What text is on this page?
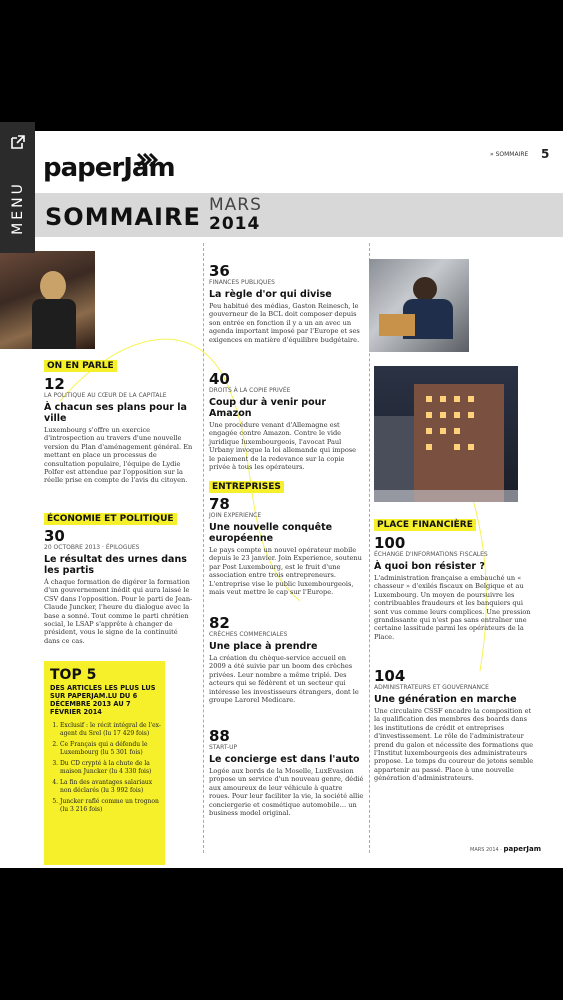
MENU
paperJam	» SOMMAIRE 5
SOMMAIRE MARS
2014
ON EN PARLE
ÉCONOMIE ET POLITIQUE
ENTREPRISES
PLACE FINANCIÈRE
12
LA POLITIQUE AU CŒUR DE LA CAPITALE
À chacun ses plans pour la ville
Luxembourg s'offre un exercice d'introspection au travers d'une nouvelle version du Plan d'aménagement général. En mettant en place un processus de consultation populaire, l'équipe de Lydie Polfer est attendue par l'opposition sur la réelle prise en compte de l'avis du citoyen.
30
20 OCTOBRE 2013 · ÉPILOGUES
Le résultat des urnes dans les partis
À chaque formation de digérer la formation d'un gouvernement inédit qui aura laissé le CSV dans l'opposition. Pour le parti de Jean-Claude Juncker, l'heure du dialogue avec la base a sonné. Tout comme le parti chrétien social, le LSAP s'apprête à changer de président, vous le signe de la continuité dans ce cas.
TOP 5
DES ARTICLES LES PLUS LUS SUR PAPERJAM.LU DU 6 DÉCEMBRE 2013 AU 7 FÉVRIER 2014
1. Exclusif : le récit intégral de l'ex-agent du Srel (lu 17 429 fois)
2. Ce Français qui a défendu le Luxembourg (lu 5 301 fois)
3. Du CD crypté à la chute de la maison Juncker (lu 4 330 fois)
4. La fin des avantages salariaux non déclarés (lu 3 992 fois)
5. Juncker raflé comme un trognon (lu 3 216 fois)
36
FINANCES PUBLIQUES
La règle d'or qui divise
Peu habitué des médias, Gaston Reinesch, le gouverneur de la BCL doit composer depuis son entrée en fonction il y a un an avec un agenda important imposé par l'Europe et ses exigences en matière d'équilibre budgétaire.
40
DROITS À LA COPIE PRIVÉE
Coup dur à venir pour Amazon
Une procédure venant d'Allemagne est engagée contre Amazon. Contre le vide juridique luxembourgeois, l'avocat Paul Urbany invoque la loi allemande qui impose le paiement de la redevance sur la copie privée à tous les opérateurs.
78
JOIN EXPERIENCE
Une nouvelle conquête européenne
Le pays compte un nouvel opérateur mobile depuis le 23 janvier. Join Experience, soutenu par Post Luxembourg, est le fruit d'une association entre trois entrepreneurs. L'entreprise vise le public luxembourgeois, mais veut mettre le cap sur l'Europe.
82
CRÈCHES COMMERCIALES
Une place à prendre
La création du chèque-service accueil en 2009 a été suivie par un boom des crèches privées. Leur nombre a même triplé. Des acteurs qui se fédèrent et un secteur qui intéresse les investisseurs étrangers, dont le groupe Larorel Medicare.
88
START-UP
Le concierge est dans l'auto
Logée aux bords de la Moselle, LuxEvasion propose un service d'un nouveau genre, dédié aux amoureux de leur véhicule à quatre roues. Pour leur faciliter la vie, la société allie conciergerie et cosmétique automobile… un business model original.
100
ÉCHANGE D'INFORMATIONS FISCALES
À quoi bon résister ?
L'administration française a embauché un « chasseur » d'exilés fiscaux en Belgique et au Luxembourg. Un moyen de poursuivre les contribuables fraudeurs et les banquiers qui sont vus comme leurs complices. Une pression grandissante qui n'est pas sans entraîner une certaine lassitude parmi les opérateurs de la Place.
104
ADMINISTRATEURS ET GOUVERNANCE
Une génération en marche
Une circulaire CSSF encadre la composition et la qualification des membres des boards dans les institutions de crédit et entreprises d'investissement. Le rôle de l'administrateur prend du galon et nécessite des formations que l'Institut luxembourgeois des administrateurs propose. Le temps du coureur de jetons semble appartenir au passé. Place à une nouvelle génération d'administrateurs.
MARS 2014 · paperJam
